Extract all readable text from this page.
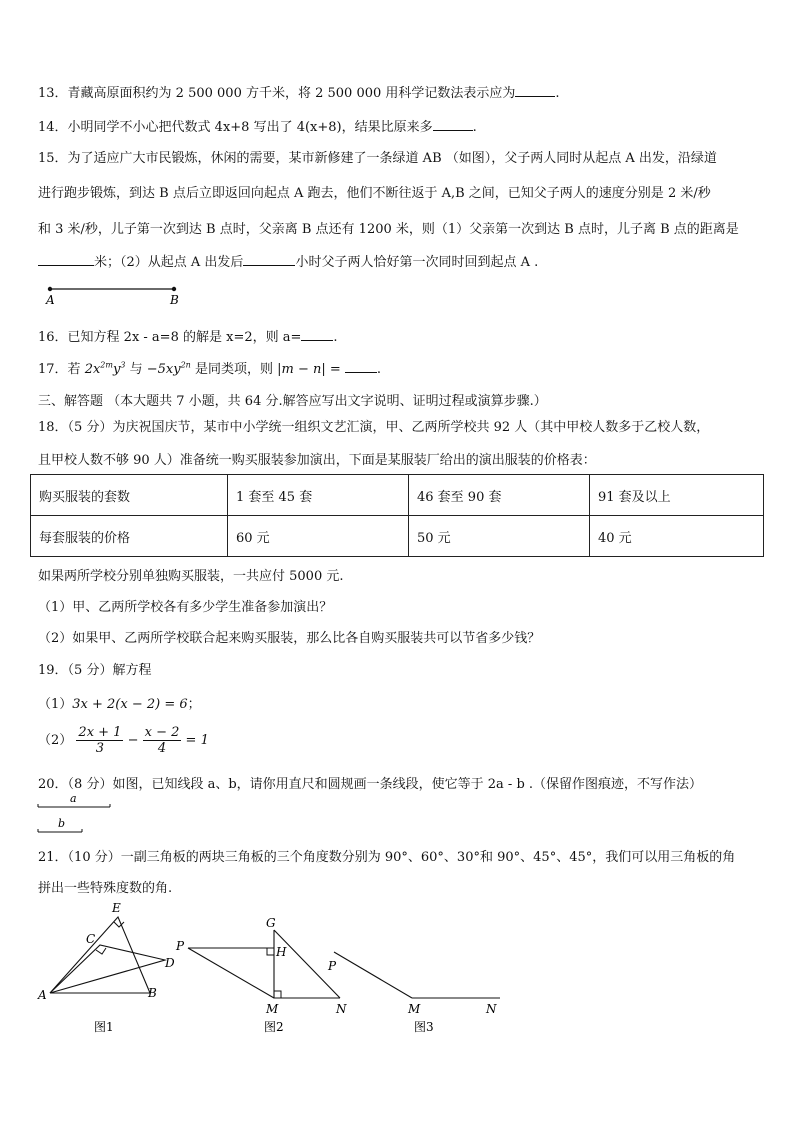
13．青藏高原面积约为 2 500 000 方千米，将 2 500 000 用科学记数法表示应为	.
14．小明同学不小心把代数式 4x+8 写出了 4(x+8)，结果比原来多	.
15．为了适应广大市民锻炼，休闲的需要，某市新修建了一条绿道 AB （如图），父子两人同时从起点 A 出发，沿绿道
进行跑步锻炼，到达 B 点后立即返回向起点 A 跑去，他们不断往返于 A,B 之间，已知父子两人的速度分别是 2 米/秒
和 3 米/秒，儿子第一次到达 B 点时，父亲离 B 点还有 1200 米，则（1）父亲第一次到达 B 点时，儿子离 B 点的距离是
米；（2）从起点 A 出发后	小时父子两人恰好第一次同时回到起点 A .
A	B
16．已知方程 2x - a=8 的解是 x=2，则 a= .
17．若 $2x^{2m}y^3$ 与 $-5xy^{2n}$ 是同类项，则 |m − n| =	.
三、解答题 （本大题共 7 小题，共 64 分.解答应写出文字说明、证明过程或演算步骤.）
18．（5 分）为庆祝国庆节，某市中小学统一组织文艺汇演，甲、乙两所学校共 92 人（其中甲校人数多于乙校人数，
且甲校人数不够 90 人）准备统一购买服装参加演出，下面是某服装厂给出的演出服装的价格表：
购买服装的套数	1 套至 45 套	46 套至 90 套	91 套及以上
每套服装的价格	60 元	50 元	40 元
如果两所学校分别单独购买服装，一共应付 5000 元.
（1）甲、乙两所学校各有多少学生准备参加演出？
（2）如果甲、乙两所学校联合起来购买服装，那么比各自购买服装共可以节省多少钱？
19．（5 分）解方程
（1）3x + 2(x − 2) = 6；
$(2) \frac{2x + 1}{3} - \frac{x - 2}{4} = 1$
20．（8 分）如图，已知线段 a、b，请你用直尺和圆规画一条线段，使它等于 2a - b .（保留作图痕迹，不写作法）
a
b
21．（10 分）一副三角板的两块三角板的三个角度数分别为 90°、60°、30°和 90°、45°、45°，我们可以用三角板的角
拼出一些特殊度数的角.
E
C
D
A	B
图1
G
H
P
M	N
图2
P
M	N
图3
